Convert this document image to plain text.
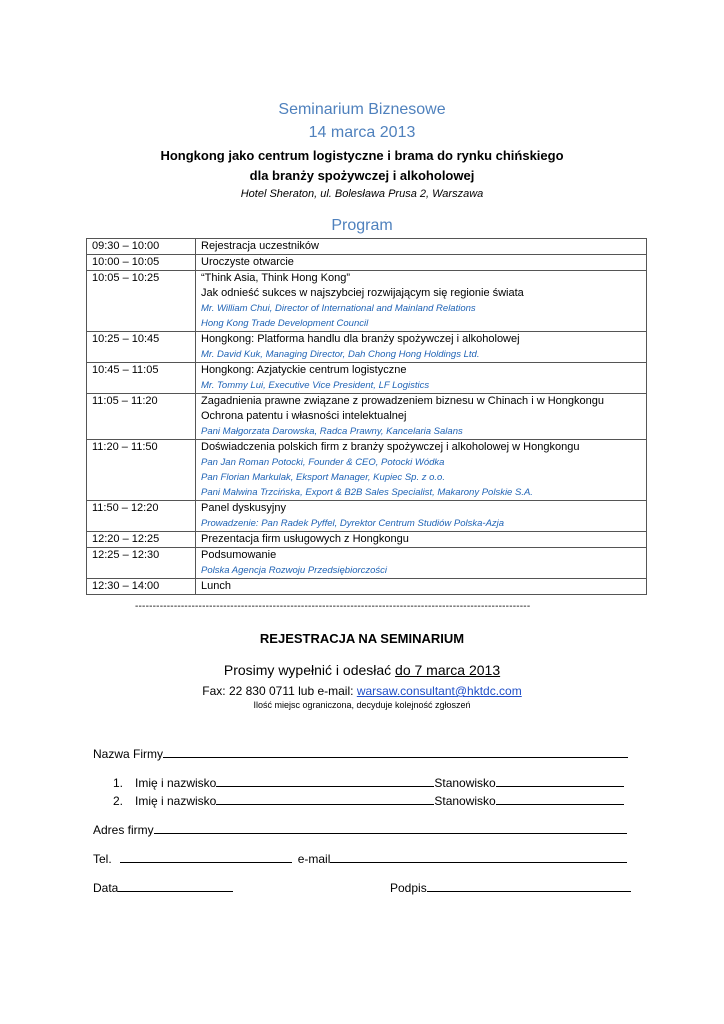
Seminarium Biznesowe
14 marca 2013
Hongkong jako centrum logistyczne i brama do rynku chińskiego
dla branży spożywczej i alkoholowej
Hotel Sheraton, ul. Bolesława Prusa 2, Warszawa
Program
09:30 – 10:00	Rejestracja uczestników

10:00 – 10:05	Uroczyste otwarcie

10:05 – 10:25	“Think Asia, Think Hong Kong”
Jak odnieść sukces w najszybciej rozwijającym się regionie świata
Mr. William Chui, Director of International and Mainland Relations
Hong Kong Trade Development Council

10:25 – 10:45	Hongkong: Platforma handlu dla branży spożywczej i alkoholowej
Mr. David Kuk, Managing Director, Dah Chong Hong Holdings Ltd.

10:45 – 11:05	Hongkong: Azjatyckie centrum logistyczne
Mr. Tommy Lui, Executive Vice President, LF Logistics

11:05 – 11:20	Zagadnienia prawne związane z prowadzeniem biznesu w Chinach i w Hongkongu
Ochrona patentu i własności intelektualnej
Pani Małgorzata Darowska, Radca Prawny, Kancelaria Salans

11:20 – 11:50	Doświadczenia polskich firm z branży spożywczej i alkoholowej w Hongkongu
Pan Jan Roman Potocki, Founder & CEO, Potocki Wódka
Pan Florian Markulak, Eksport Manager, Kupiec Sp. z o.o.
Pani Malwina Trzcińska, Export & B2B Sales Specialist, Makarony Polskie S.A.

11:50 – 12:20	Panel dyskusyjny
Prowadzenie: Pan Radek Pyffel, Dyrektor Centrum Studiów Polska-Azja

12:20 – 12:25	Prezentacja firm usługowych z Hongkongu

12:25 – 12:30	Podsumowanie
Polska Agencja Rozwoju Przedsiębiorczości

12:30 – 14:00	Lunch
----------------------------------------------------------------------------------------------------------------
REJESTRACJA NA SEMINARIUM
Prosimy wypełnić i odesłać do 7 marca 2013
Fax: 22 830 0711 lub e-mail: warsaw.consultant@hktdc.com
Ilość miejsc ograniczona, decyduje kolejność zgłoszeń
Nazwa Firmy
1. Imię i nazwisko	Stanowisko
2. Imię i nazwisko	Stanowisko
Adres firmy
Tel.	e-mail
Data	Podpis
